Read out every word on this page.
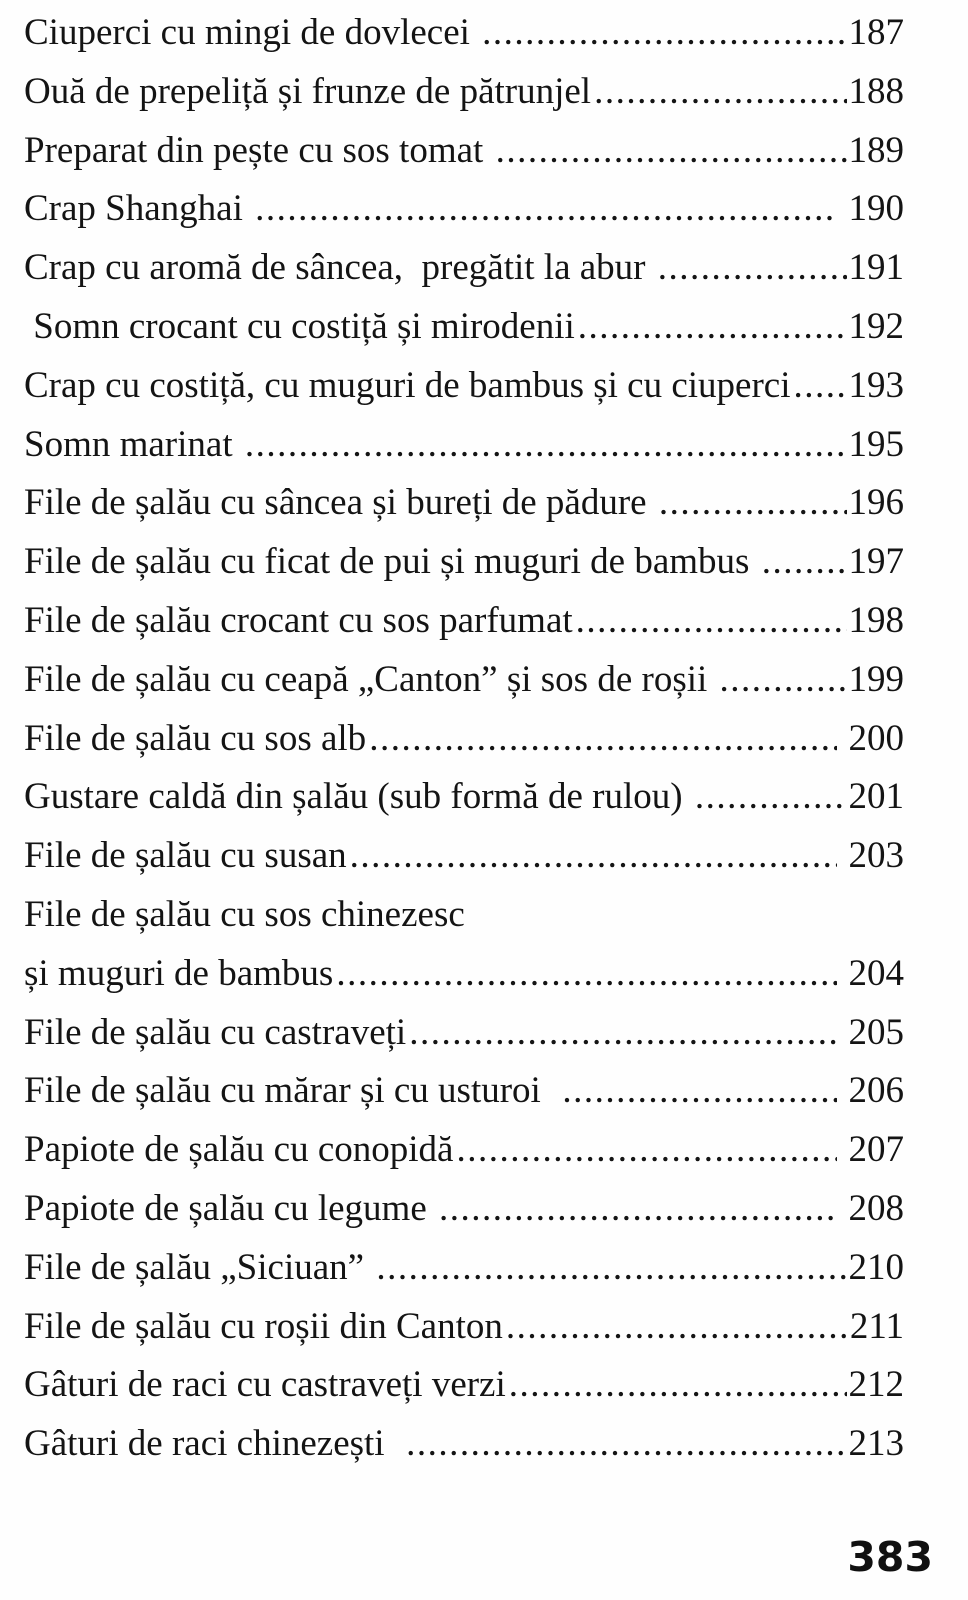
Ciuperci cu mingi de dovlecei .....	187
Ouă de prepeliță și frunze de pătrunjel .....	188
Preparat din pește cu sos tomat .....	189
Crap Shanghai .....	190
Crap cu aromă de sâncea,  pregătit la abur .....	191
Somn crocant cu costiță și mirodenii .....	192
Crap cu costiță, cu muguri de bambus și cu ciuperci ..... 193
Somn marinat .....	195
File de șalău cu sâncea și bureți de pădure .....	196
File de șalău cu ficat de pui și muguri de bambus ..... 197
File de șalău crocant cu sos parfumat .....	198
File de șalău cu ceapă „Canton” și sos de roșii .....	199
File de șalău cu sos alb .....	200
Gustare caldă din șalău (sub formă de rulou) .....	201
File de șalău cu susan .....	203
File de șalău cu sos chinezesc
și muguri de bambus .....	204
File de șalău cu castraveți .....	205
File de șalău cu mărar și cu usturoi .....	206
Papiote de șalău cu conopidă .....	207
Papiote de șalău cu legume .....	208
File de șalău „Siciuan” .....	210
File de șalău cu roșii din Canton .....	211
Gâturi de raci cu castraveți verzi .....	212
Gâturi de raci chinezești .....	213
383
